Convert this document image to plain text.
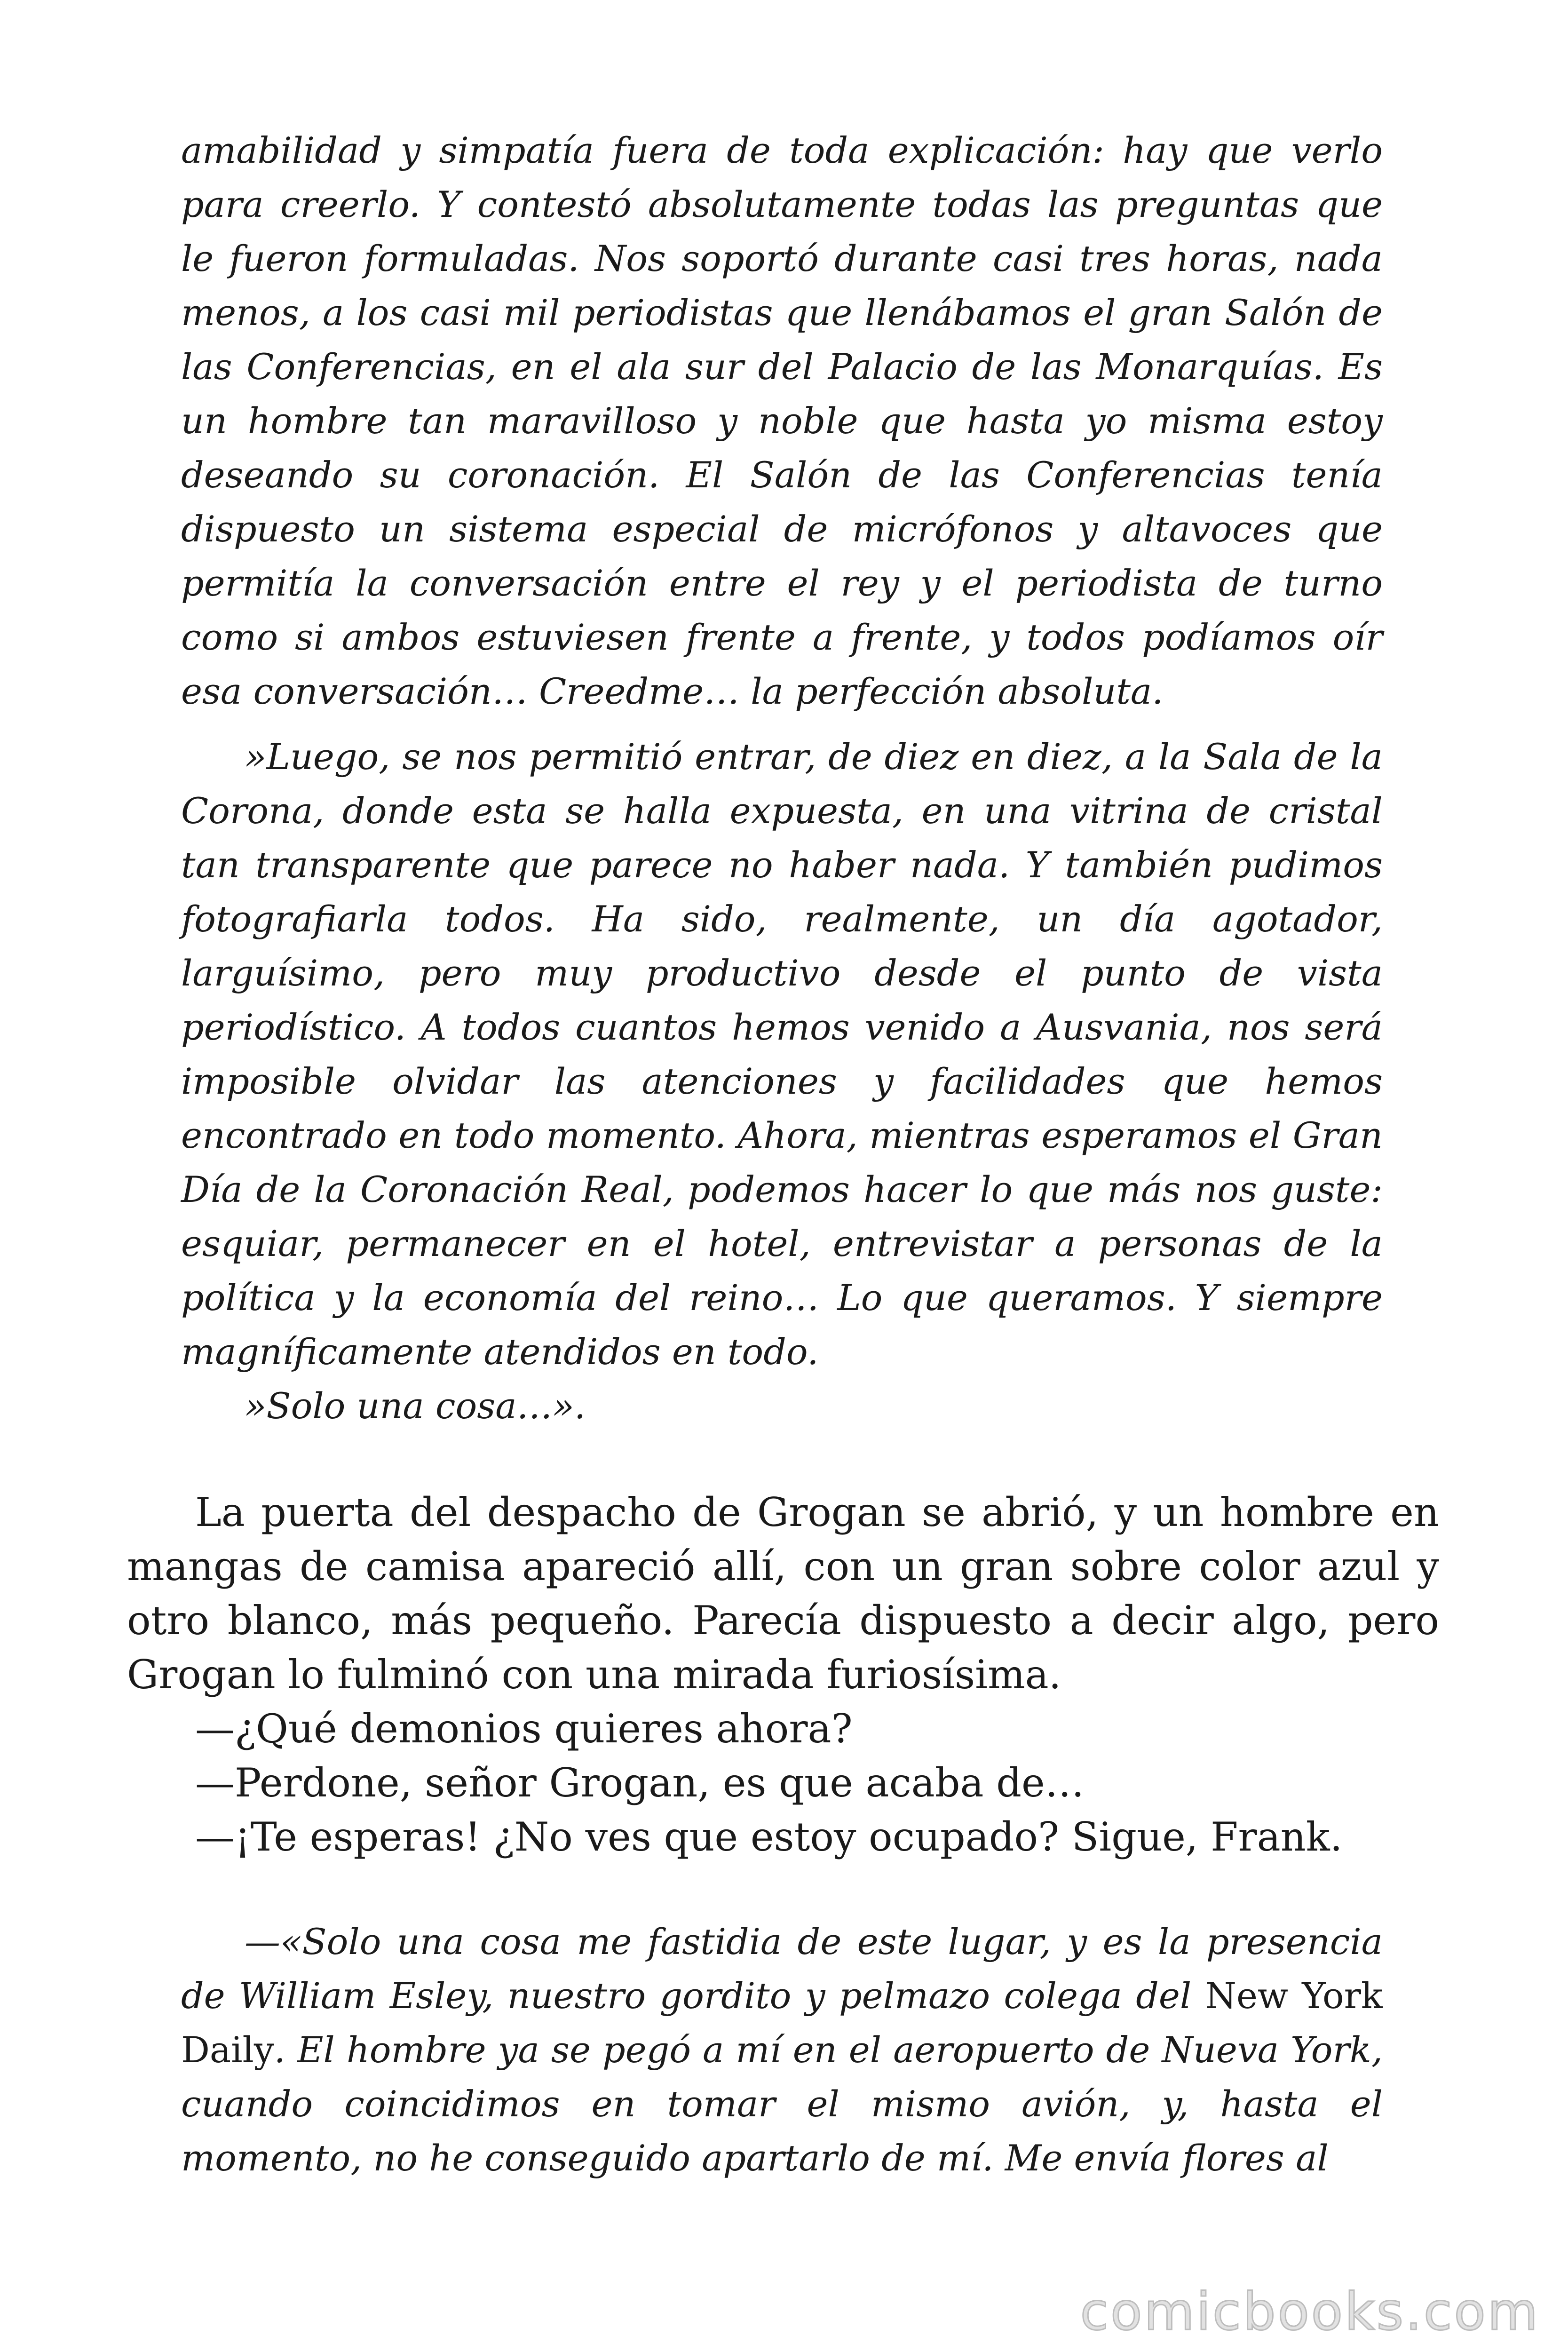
amabilidad y simpatía fuera de toda explicación: hay que verlo para creerlo. Y contestó absolutamente todas las preguntas que le fueron formuladas. Nos soportó durante casi tres horas, nada menos, a los casi mil periodistas que llenábamos el gran Salón de las Conferencias, en el ala sur del Palacio de las Monarquías. Es un hombre tan maravilloso y noble que hasta yo misma estoy deseando su coronación. El Salón de las Conferencias tenía dispuesto un sistema especial de micrófonos y altavoces que permitía la conversación entre el rey y el periodista de turno como si ambos estuviesen frente a frente, y todos podíamos oír esa conversación… Creedme… la perfección absoluta.

»Luego, se nos permitió entrar, de diez en diez, a la Sala de la Corona, donde esta se halla expuesta, en una vitrina de cristal tan transparente que parece no haber nada. Y también pudimos fotografiarla todos. Ha sido, realmente, un día agotador, larguísimo, pero muy productivo desde el punto de vista periodístico. A todos cuantos hemos venido a Ausvania, nos será imposible olvidar las atenciones y facilidades que hemos encontrado en todo momento. Ahora, mientras esperamos el Gran Día de la Coronación Real, podemos hacer lo que más nos guste: esquiar, permanecer en el hotel, entrevistar a personas de la política y la economía del reino… Lo que queramos. Y siempre magníficamente atendidos en todo.

»Solo una cosa…».

La puerta del despacho de Grogan se abrió, y un hombre en mangas de camisa apareció allí, con un gran sobre color azul y otro blanco, más pequeño. Parecía dispuesto a decir algo, pero Grogan lo fulminó con una mirada furiosísima.

—¿Qué demonios quieres ahora?

—Perdone, señor Grogan, es que acaba de…

—¡Te esperas! ¿No ves que estoy ocupado? Sigue, Frank.

—«Solo una cosa me fastidia de este lugar, y es la presencia de William Esley, nuestro gordito y pelmazo colega del New York Daily. El hombre ya se pegó a mí en el aeropuerto de Nueva York, cuando coincidimos en tomar el mismo avión, y, hasta el momento, no he conseguido apartarlo de mí. Me envía flores al

comicbooks.com
